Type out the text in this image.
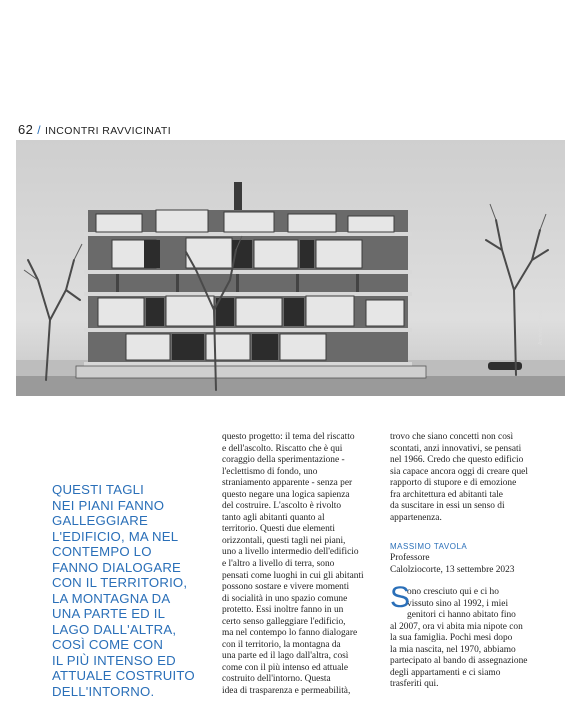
62 / INCONTRI RAVVICINATI
Archivio Gardinale
QUESTI TAGLI
NEI PIANI FANNO
GALLEGGIARE
L'EDIFICIO, MA NEL
CONTEMPO LO
FANNO DIALOGARE
CON IL TERRITORIO,
LA MONTAGNA DA
UNA PARTE ED IL
LAGO DALL'ALTRA,
COSÌ COME CON
IL PIÙ INTENSO ED
ATTUALE COSTRUITO
DELL'INTORNO.
questo progetto: il tema del riscatto
e dell'ascolto. Riscatto che è qui
coraggio della sperimentazione -
l'eclettismo di fondo, uno
straniamento apparente - senza per
questo negare una logica sapienza
del costruire. L'ascolto è rivolto
tanto agli abitanti quanto al
territorio. Questi due elementi
orizzontali, questi tagli nei piani,
uno a livello intermedio dell'edificio
e l'altro a livello di terra, sono
pensati come luoghi in cui gli abitanti
possono sostare e vivere momenti
di socialità in uno spazio comune
protetto. Essi inoltre fanno in un
certo senso galleggiare l'edificio,
ma nel contempo lo fanno dialogare
con il territorio, la montagna da
una parte ed il lago dall'altra, così
come con il più intenso ed attuale
costruito dell'intorno. Questa
idea di trasparenza e permeabilità,
trovo che siano concetti non così
scontati, anzi innovativi, se pensati
nel 1966. Credo che questo edificio
sia capace ancora oggi di creare quel
rapporto di stupore e di emozione
fra architettura ed abitanti tale
da suscitare in essi un senso di
appartenenza.
MASSIMO TAVOLA
Professore
Calolziocorte, 13 settembre 2023
S
ono cresciuto qui e ci ho
vissuto sino al 1992, i miei
genitori ci hanno abitato fino
al 2007, ora vi abita mia nipote con
la sua famiglia. Pochi mesi dopo
la mia nascita, nel 1970, abbiamo
partecipato al bando di assegnazione
degli appartamenti e ci siamo
trasferiti qui.
